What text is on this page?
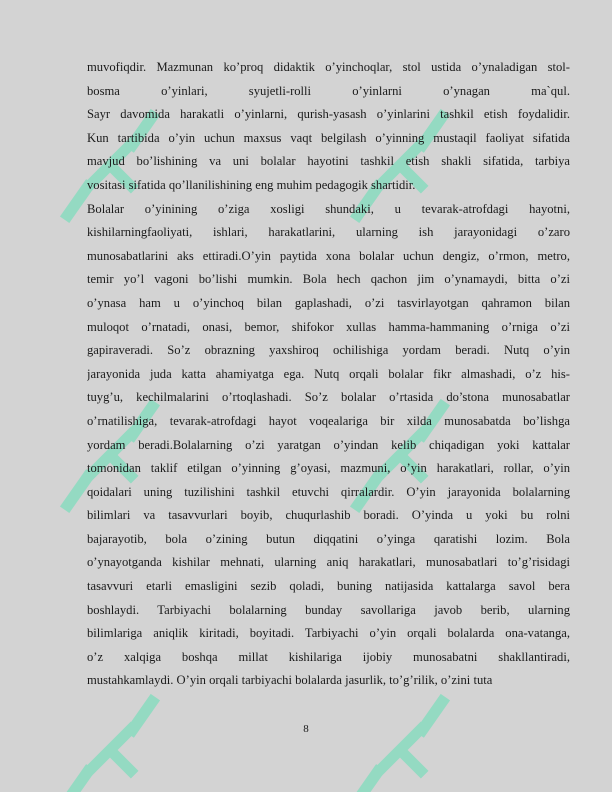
muvofiqdir. Mazmunan ko’proq didaktik o’yinchoqlar, stol ustida o’ynaladigan stol-
bosma o’yinlari, syujetli-rolli o’yinlarni o’ynagan ma`qul.
Sayr davomida harakatli o’yinlarni, qurish-yasash o’yinlarini tashkil etish foydalidir.
Kun tartibida o’yin uchun maxsus vaqt belgilash o’yinning mustaqil faoliyat sifatida
mavjud bo’lishining va uni bolalar hayotini tashkil etish shakli sifatida, tarbiya
vositasi sifatida qo’llanilishining eng muhim pedagogik shartidir.
Bolalar o’yinining o’ziga xosligi shundaki, u tevarak-atrofdagi hayotni,
kishilarningfaoliyati, ishlari, harakatlarini, ularning ish jarayonidagi o’zaro
munosabatlarini aks ettiradi.O’yin paytida xona bolalar uchun dengiz, o’rmon, metro,
temir yo’l vagoni bo’lishi mumkin. Bola hech qachon jim o’ynamaydi, bitta o’zi
o’ynasa ham u o’yinchoq bilan gaplashadi, o’zi tasvirlayotgan qahramon bilan
muloqot o’rnatadi, onasi, bemor, shifokor xullas hamma-hammaning o’rniga o’zi
gapiraveradi. So’z obrazning yaxshiroq ochilishiga yordam beradi. Nutq o’yin
jarayonida juda katta ahamiyatga ega. Nutq orqali bolalar fikr almashadi, o’z his-
tuyg’u, kechilmalarini o’rtoqlashadi. So’z bolalar o’rtasida do’stona munosabatlar
o’rnatilishiga, tevarak-atrofdagi hayot voqealariga bir xilda munosabatda bo’lishga
yordam beradi.Bolalarning o’zi yaratgan o’yindan kelib chiqadigan yoki kattalar
tomonidan taklif etilgan o’yinning g’oyasi, mazmuni, o’yin harakatlari, rollar, o’yin
qoidalari uning tuzilishini tashkil etuvchi qirralardir. O’yin jarayonida bolalarning
bilimlari va tasavvurlari boyib, chuqurlashib boradi. O’yinda u yoki bu rolni
bajarayotib, bola o’zining butun diqqatini o’yinga qaratishi lozim. Bola
o’ynayotganda kishilar mehnati, ularning aniq harakatlari, munosabatlari to’g’risidagi
tasavvuri etarli emasligini sezib qoladi, buning natijasida kattalarga savol bera
boshlaydi. Tarbiyachi bolalarning bunday savollariga javob berib, ularning
bilimlariga aniqlik kiritadi, boyitadi. Tarbiyachi o’yin orqali bolalarda ona-vatanga,
o’z xalqiga boshqa millat kishilariga ijobiy munosabatni shakllantiradi,
mustahkamlaydi. O’yin orqali tarbiyachi bolalarda jasurlik, to’g’rilik, o’zini tuta
8
